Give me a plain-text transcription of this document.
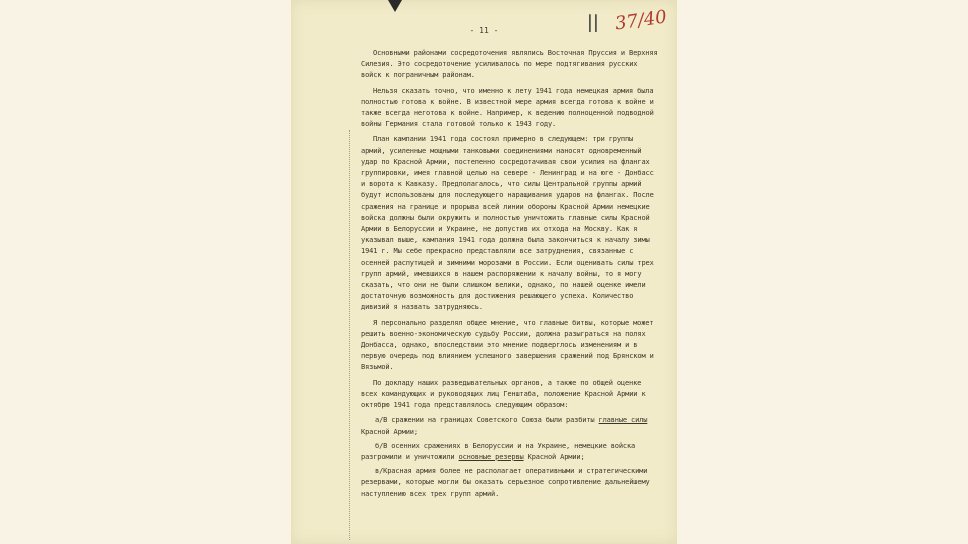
|| 37/40
- 11 -

Основными районами сосредоточения являлись Восточная Пруссия и Верхняя Силезия. Это сосредоточение усиливалось по мере подтягивания русских войск к пограничным районам.

Нельзя сказать точно, что именно к лету 1941 года немецкая армия была полностью готова к войне. В известной мере армия всегда готова к войне и также всегда неготова к войне. Например, к ведению полноценной подводной войны Германия стала готовой только к 1943 году.

План кампании 1941 года состоял примерно в следующем: три группы армий, усиленные мощными танковыми соединениями наносят одновременный удар по Красной Армии, постепенно сосредотачивая свои усилия на флангах группировки, имея главной целью на севере - Ленинград и на юге - Донбасс и ворота к Кавказу. Предполагалось, что силы Центральной группы армий будут использованы для последующего наращивания ударов на флангах. После сражения на границе и прорыва всей линии обороны Красной Армии немецкие войска должны были окружить и полностью уничтожить главные силы Красной Армии в Белоруссии и Украине, не допустив их отхода на Москву. Как я указывал выше, кампания 1941 года должна была закончиться к началу зимы 1941 г. Мы себе прекрасно представляли все затруднения, связанные с осенней распутицей и зимними морозами в России. Если оценивать силы трех групп армий, имевшихся в нашем распоряжении к началу войны, то я могу сказать, что они не были слишком велики, однако, по нашей оценке имели достаточную возможность для достижения решающего успеха. Количество дивизий я назвать затрудняюсь.

Я персонально разделял общее мнение, что главные битвы, которые может решить военно-экономическую судьбу России, должна разыграться на полях Донбасса, однако, впоследствии это мнение подверглось изменениям и в первую очередь под влиянием успешного завершения сражений под Брянском и Вязьмой.

По докладу наших разведывательных органов, а также по общей оценке всех командующих и руководящих лиц Генштаба, положение Красной Армии к октябрю 1941 года представлялось следующим образом:

а/В сражении на границах Советского Союза были разбиты главные силы Красной Армии;

б/В осенних сражениях в Белоруссии и на Украине, немецкие войска разгромили и уничтожили основные резервы Красной Армии;

в/Красная армия более не располагает оперативными и стратегическими резервами, которые могли бы оказать серьезное сопротивление дальнейшему наступлению всех трех групп армий.
